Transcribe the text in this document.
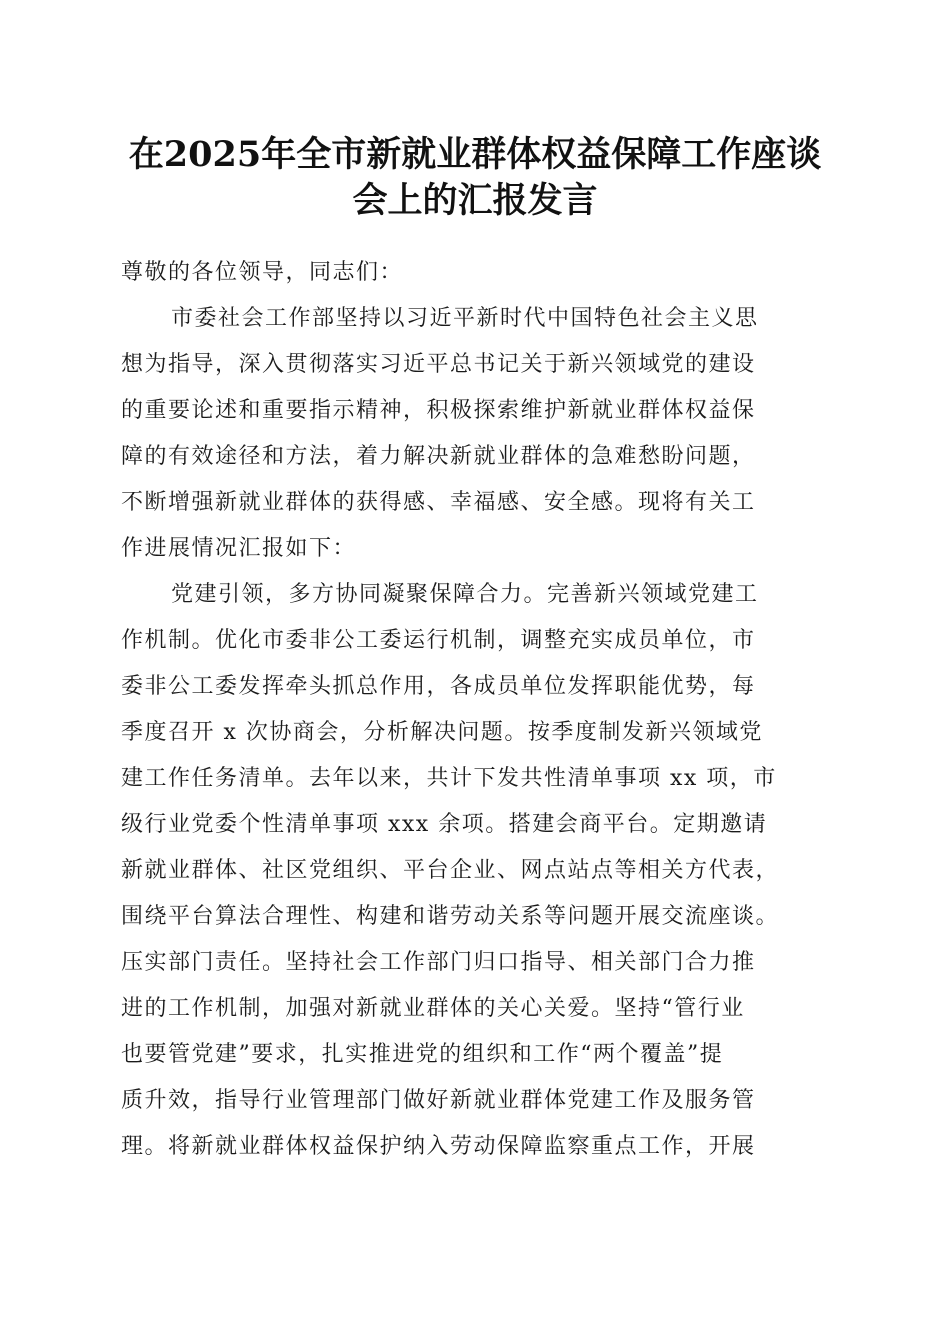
在2025年全市新就业群体权益保障工作座谈
会上的汇报发言
尊敬的各位领导，同志们：
市委社会工作部坚持以习近平新时代中国特色社会主义思
想为指导，深入贯彻落实习近平总书记关于新兴领域党的建设
的重要论述和重要指示精神，积极探索维护新就业群体权益保
障的有效途径和方法，着力解决新就业群体的急难愁盼问题，
不断增强新就业群体的获得感、幸福感、安全感。现将有关工
作进展情况汇报如下：
党建引领，多方协同凝聚保障合力。完善新兴领域党建工
作机制。优化市委非公工委运行机制，调整充实成员单位，市
委非公工委发挥牵头抓总作用，各成员单位发挥职能优势，每
季度召开 x 次协商会，分析解决问题。按季度制发新兴领域党
建工作任务清单。去年以来，共计下发共性清单事项 xx 项，市
级行业党委个性清单事项 xxx 余项。搭建会商平台。定期邀请
新就业群体、社区党组织、平台企业、网点站点等相关方代表，
围绕平台算法合理性、构建和谐劳动关系等问题开展交流座谈。
压实部门责任。坚持社会工作部门归口指导、相关部门合力推
进的工作机制，加强对新就业群体的关心关爱。坚持“管行业
也要管党建”要求，扎实推进党的组织和工作“两个覆盖”提
质升效，指导行业管理部门做好新就业群体党建工作及服务管
理。将新就业群体权益保护纳入劳动保障监察重点工作，开展
